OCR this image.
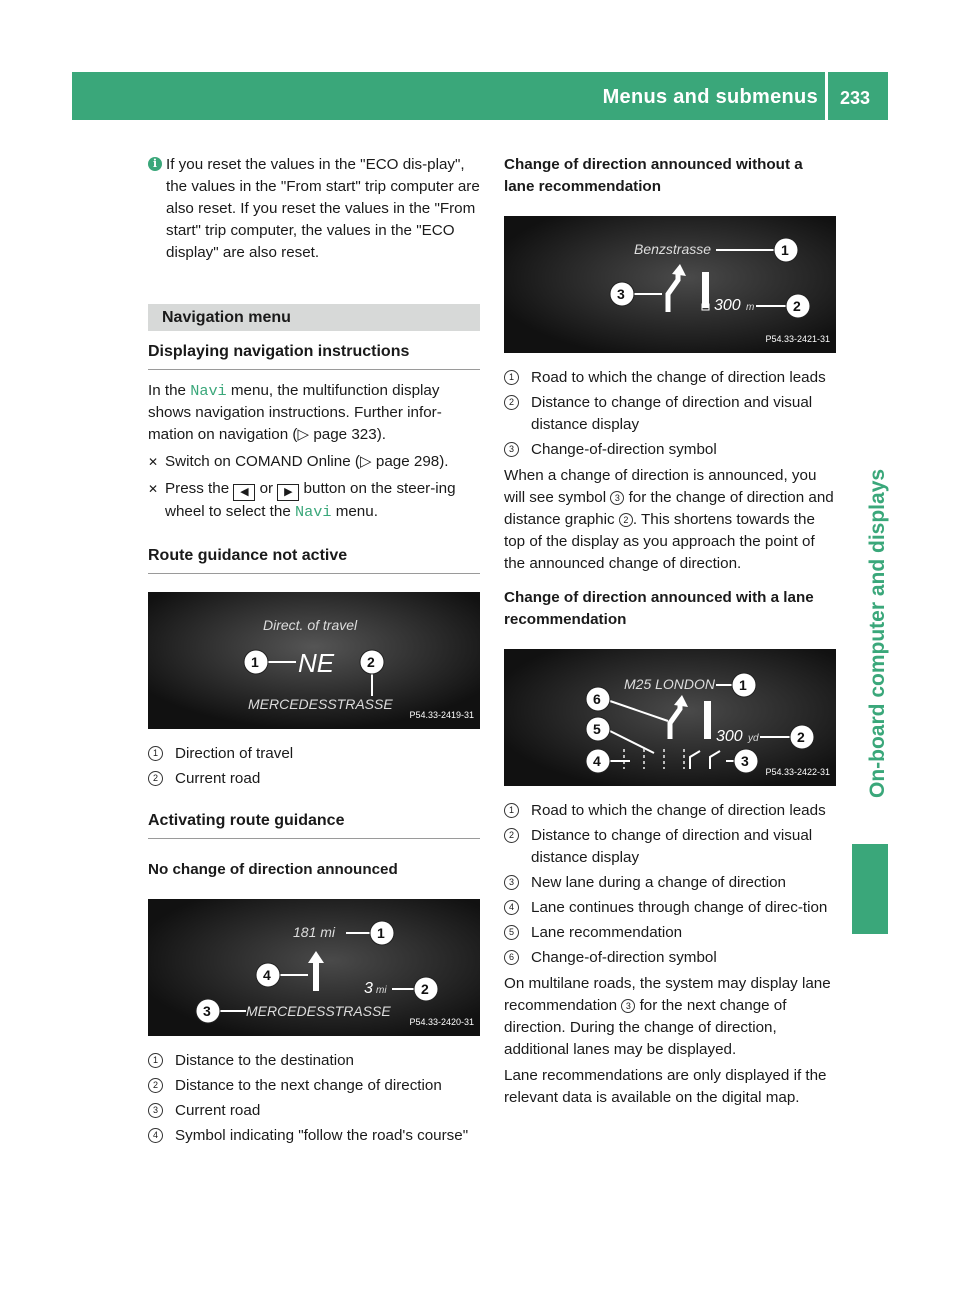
Menus and submenus 233
On-board computer and displays
i If you reset the values in the "ECO dis-play", the values in the "From start" trip computer are also reset. If you reset the values in the "From start" trip computer, the values in the "ECO display" are also reset.

Navigation menu
Displaying navigation instructions

In the Navi menu, the multifunction display shows navigation instructions. Further infor-mation on navigation (▷ page 323).

✕ Switch on COMAND Online (▷ page 298).
✕ Press the ◀ or ▶ button on the steer-ing wheel to select the Navi menu.
Route guidance not active
Direct. of travel
NE
MERCEDESSTRASSE
1	2
P54.33-2419-31
1	Direction of travel
2	Current road
Activating route guidance
No change of direction announced
181 mi	1
4
3 mi 2
MERCEDESSTRASSE
3
P54.33-2420-31
1	Distance to the destination
2	Distance to the next change of direction
3	Current road
4	Symbol indicating "follow the road's course"
Change of direction announced without a lane recommendation
Benzstrasse	1
3
300 m	2
P54.33-2421-31
1	Road to which the change of direction leads
2	Distance to change of direction and visual distance display
3	Change-of-direction symbol

When a change of direction is announced, you will see symbol 3 for the change of direction and distance graphic 2 . This shortens towards the top of the display as you approach the point of the announced change of direction.

Change of direction announced with a lane recommendation
M25 LONDON 1
6
300 yd	2
5
4	3
P54.33-2422-31
1	Road to which the change of direction leads
2	Distance to change of direction and visual distance display
3	New lane during a change of direction
4	Lane continues through change of direc-tion
5	Lane recommendation
6	Change-of-direction symbol

On multilane roads, the system may display lane recommendation 3 for the next change of direction. During the change of direction, additional lanes may be displayed.

Lane recommendations are only displayed if the relevant data is available on the digital map.
